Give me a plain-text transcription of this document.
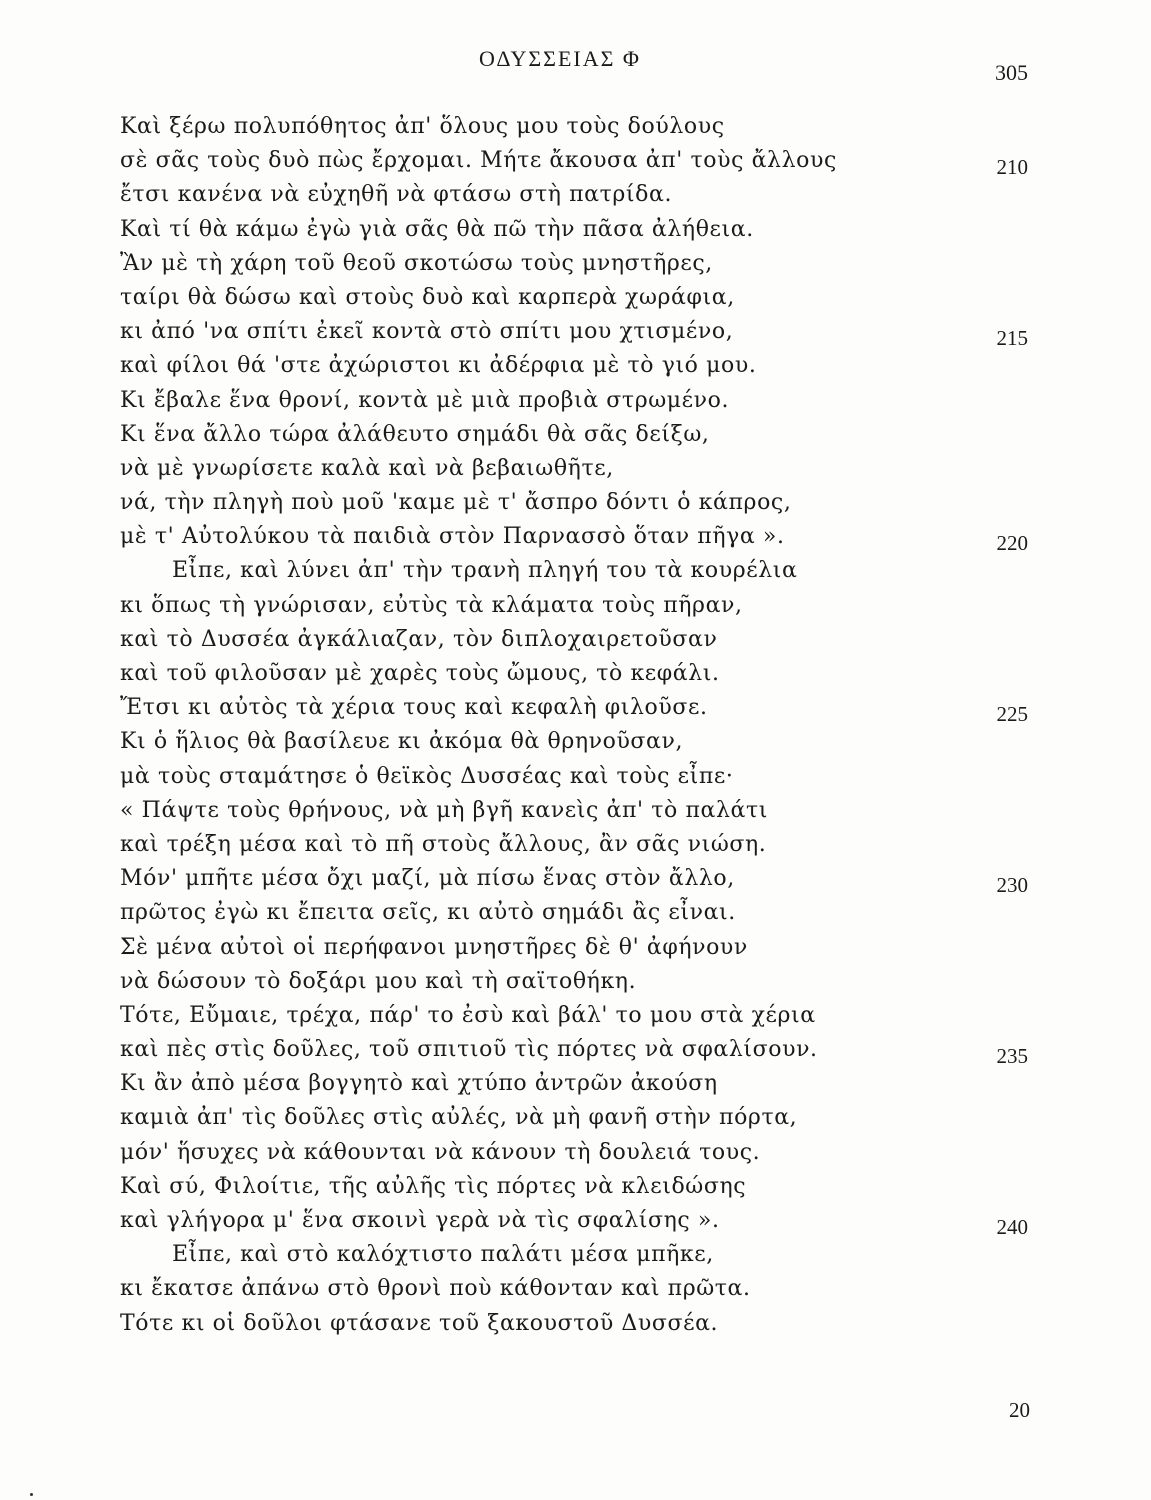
ΟΔΥΣΣΕΙΑΣ Φ
305
Καὶ ξέρω πολυπόθητος ἀπ' ὅλους μου τοὺς δούλους
σὲ σᾶς τοὺς δυὸ πὼς ἔρχομαι. Μήτε ἄκουσα ἀπ' τοὺς ἄλλους	210
ἔτσι κανένα νὰ εὐχηθῆ νὰ φτάσω στὴ πατρίδα.
Καὶ τί θὰ κάμω ἐγὼ γιὰ σᾶς θὰ πῶ τὴν πᾶσα ἀλήθεια.
Ἂν μὲ τὴ χάρη τοῦ θεοῦ σκοτώσω τοὺς μνηστῆρες,
ταίρι θὰ δώσω καὶ στοὺς δυὸ καὶ καρπερὰ χωράφια,
κι ἀπό 'να σπίτι ἐκεῖ κοντὰ στὸ σπίτι μου χτισμένο,	215
καὶ φίλοι θά 'στε ἀχώριστοι κι ἀδέρφια μὲ τὸ γιό μου.
Κι ἔβαλε ἕνα θρονί, κοντὰ μὲ μιὰ προβιὰ στρωμένο.
Κι ἕνα ἄλλο τώρα ἀλάθευτο σημάδι θὰ σᾶς δείξω,
νὰ μὲ γνωρίσετε καλὰ καὶ νὰ βεβαιωθῆτε,
νά, τὴν πληγὴ ποὺ μοῦ 'καμε μὲ τ' ἄσπρο δόντι ὁ κάπρος,
μὲ τ' Αὐτολύκου τὰ παιδιὰ στὸν Παρνασσὸ ὅταν πῆγα ».	220
Εἶπε, καὶ λύνει ἀπ' τὴν τρανὴ πληγή του τὰ κουρέλια
κι ὅπως τὴ γνώρισαν, εὐτὺς τὰ κλάματα τοὺς πῆραν,
καὶ τὸ Δυσσέα ἀγκάλιαζαν, τὸν διπλοχαιρετοῦσαν
καὶ τοῦ φιλοῦσαν μὲ χαρὲς τοὺς ὤμους, τὸ κεφάλι.
Ἔτσι κι αὐτὸς τὰ χέρια τους καὶ κεφαλὴ φιλοῦσε.	225
Κι ὁ ἥλιος θὰ βασίλευε κι ἀκόμα θὰ θρηνοῦσαν,
μὰ τοὺς σταμάτησε ὁ θεϊκὸς Δυσσέας καὶ τοὺς εἶπε·
« Πάψτε τοὺς θρήνους, νὰ μὴ βγῆ κανεὶς ἀπ' τὸ παλάτι
καὶ τρέξη μέσα καὶ τὸ πῆ στοὺς ἄλλους, ἂν σᾶς νιώση.
Μόν' μπῆτε μέσα ὄχι μαζί, μὰ πίσω ἕνας στὸν ἄλλο,	230
πρῶτος ἐγὼ κι ἔπειτα σεῖς, κι αὐτὸ σημάδι ἂς εἶναι.
Σὲ μένα αὐτοὶ οἱ περήφανοι μνηστῆρες δὲ θ' ἀφήνουν
νὰ δώσουν τὸ δοξάρι μου καὶ τὴ σαϊτοθήκη.
Τότε, Εὔμαιε, τρέχα, πάρ' το ἐσὺ καὶ βάλ' το μου στὰ χέρια
καὶ πὲς στὶς δοῦλες, τοῦ σπιτιοῦ τὶς πόρτες νὰ σφαλίσουν.	235
Κι ἂν ἀπὸ μέσα βογγητὸ καὶ χτύπο ἀντρῶν ἀκούση
καμιὰ ἀπ' τὶς δοῦλες στὶς αὐλές, νὰ μὴ φανῆ στὴν πόρτα,
μόν' ἥσυχες νὰ κάθουνται νὰ κάνουν τὴ δουλειά τους.
Καὶ σύ, Φιλοίτιε, τῆς αὐλῆς τὶς πόρτες νὰ κλειδώσης
καὶ γλήγορα μ' ἕνα σκοινὶ γερὰ νὰ τὶς σφαλίσης ».	240
Εἶπε, καὶ στὸ καλόχτιστο παλάτι μέσα μπῆκε,
κι ἔκατσε ἀπάνω στὸ θρονὶ ποὺ κάθονταν καὶ πρῶτα.
Τότε κι οἱ δοῦλοι φτάσανε τοῦ ξακουστοῦ Δυσσέα.
20
